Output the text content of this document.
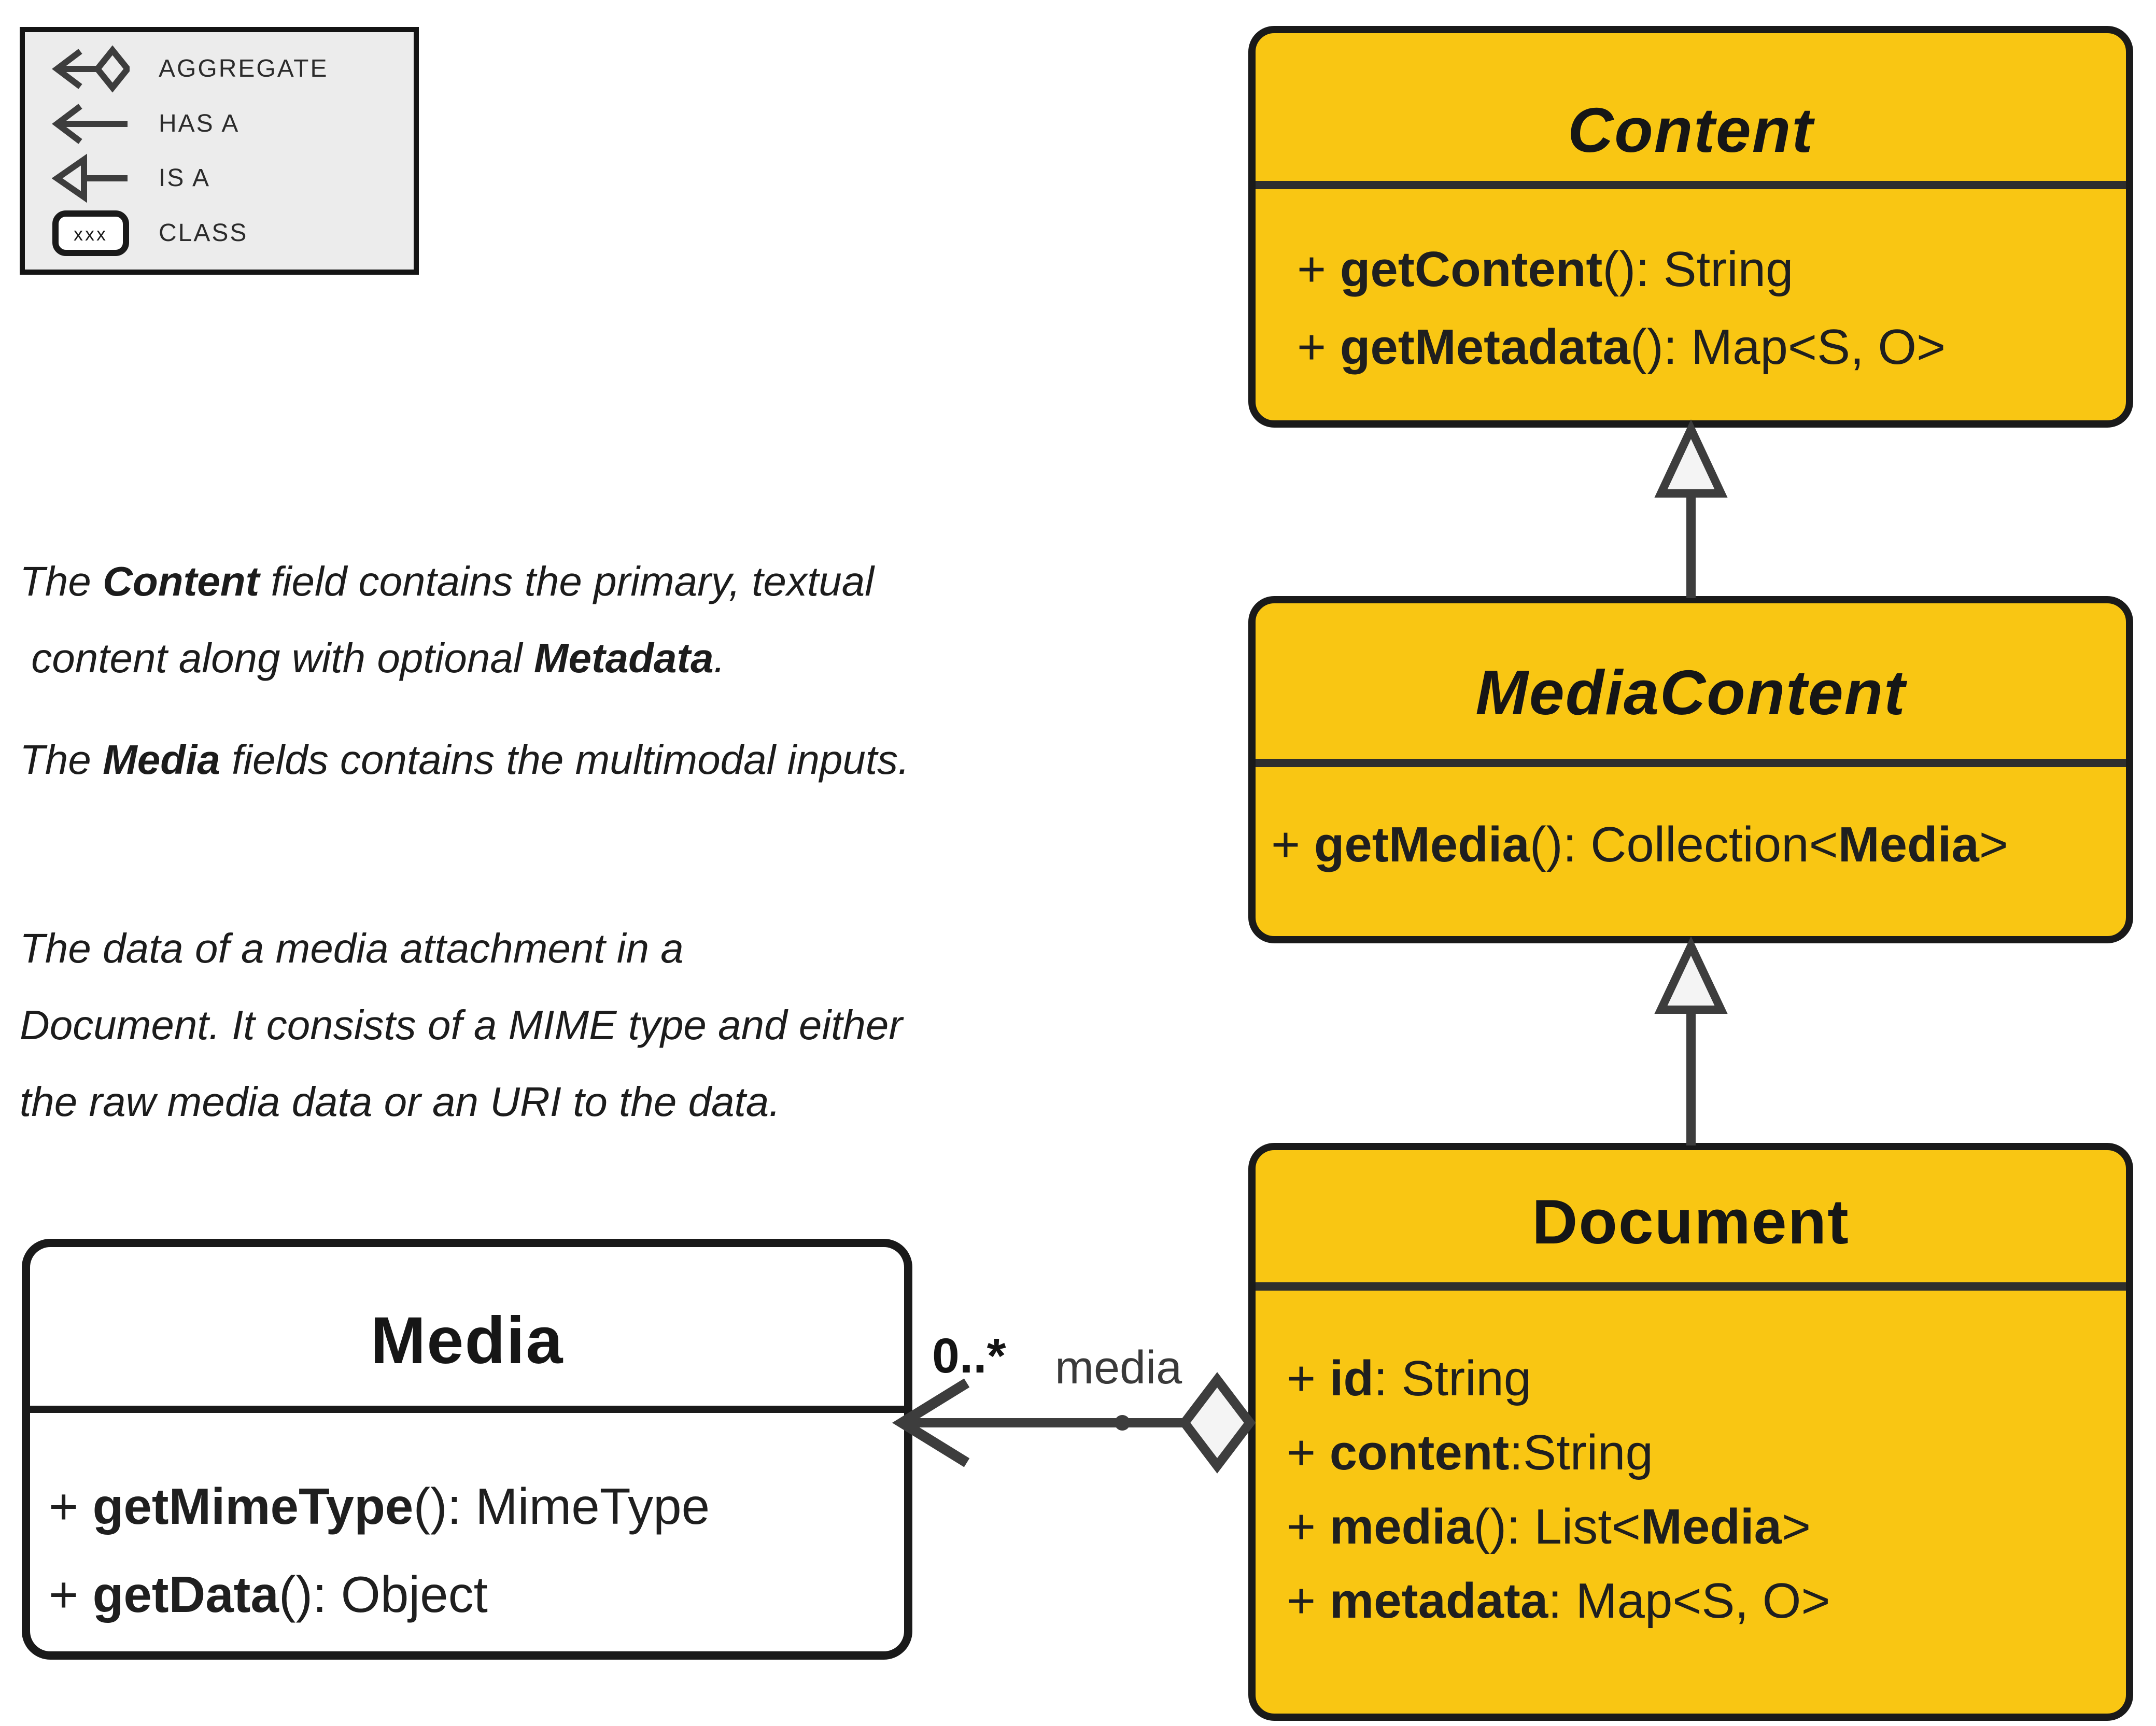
AGGREGATE
HAS A
IS A
xxx CLASS
The Content field contains the primary, textual
content along with optional Metadata.
The Media fields contains the multimodal inputs.
The data of a media attachment in a
Document. It consists of a MIME type and either
the raw media data or an URI to the data.
Content
+ getContent(): String
+ getMetadata(): Map<S, O>
MediaContent
+ getMedia(): Collection<Media>
Document
+ id: String
+ content:String
+ media(): List<Media>
+ metadata: Map<S, O>
Media
+ getMimeType(): MimeType
+ getData(): Object
0..* media
